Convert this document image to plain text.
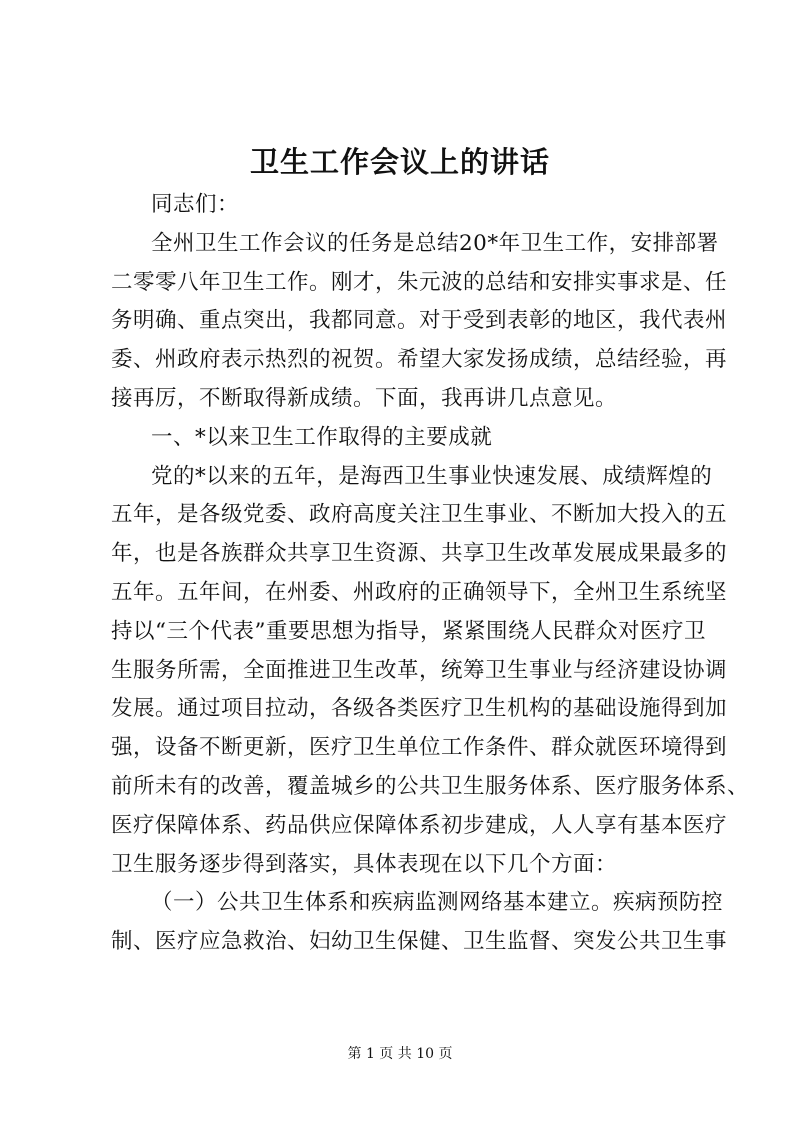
卫生工作会议上的讲话
同志们：
全州卫生工作会议的任务是总结20*年卫生工作，安排部署
二零零八年卫生工作。刚才，朱元波的总结和安排实事求是、任
务明确、重点突出，我都同意。对于受到表彰的地区，我代表州
委、州政府表示热烈的祝贺。希望大家发扬成绩，总结经验，再
接再厉，不断取得新成绩。下面，我再讲几点意见。
一、*以来卫生工作取得的主要成就
党的*以来的五年，是海西卫生事业快速发展、成绩辉煌的
五年，是各级党委、政府高度关注卫生事业、不断加大投入的五
年，也是各族群众共享卫生资源、共享卫生改革发展成果最多的
五年。五年间，在州委、州政府的正确领导下，全州卫生系统坚
持以“三个代表”重要思想为指导，紧紧围绕人民群众对医疗卫
生服务所需，全面推进卫生改革，统筹卫生事业与经济建设协调
发展。通过项目拉动，各级各类医疗卫生机构的基础设施得到加
强，设备不断更新，医疗卫生单位工作条件、群众就医环境得到
前所未有的改善，覆盖城乡的公共卫生服务体系、医疗服务体系、
医疗保障体系、药品供应保障体系初步建成，人人享有基本医疗
卫生服务逐步得到落实，具体表现在以下几个方面：
（一）公共卫生体系和疾病监测网络基本建立。疾病预防控
制、医疗应急救治、妇幼卫生保健、卫生监督、突发公共卫生事
第 1 页 共 10 页
